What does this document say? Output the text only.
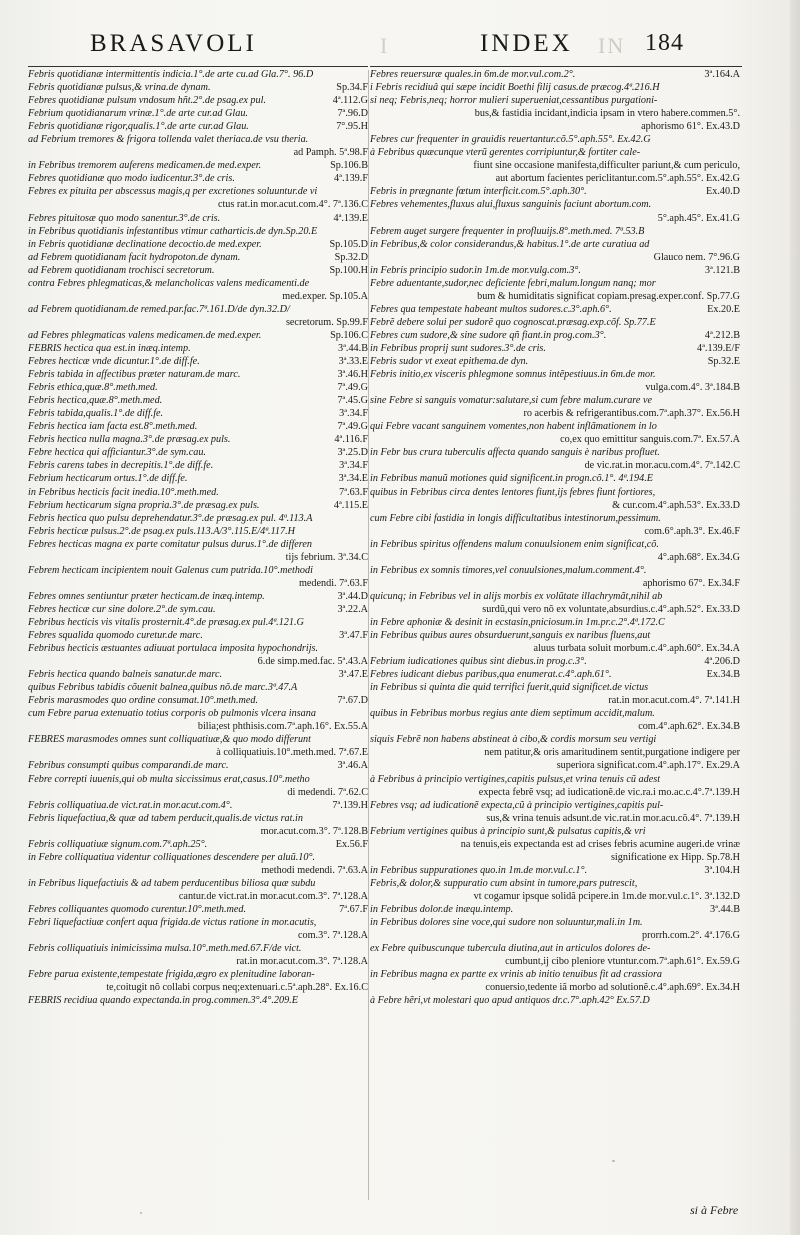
BRASAVOLI	I	INDEX IN 184
Febris quotidianæ intermittentis indicia.1°.de arte cu.ad Gla.7°. 96.D
Febris quotidianæ pulsus,& vrina.de dynam.	Sp.34.F
Febres quotidianæ pulsum vndosum hñt.2°.de psag.ex pul.	4ª.112.G
Febrium quotidianarum vrinæ.1°.de arte cur.ad Glau.	7ª.96.D
Febris quotidianæ rigor,qualis.1°.de arte cur.ad Glau.	7°.95.H
ad Febrium tremores & frigora tollenda valet theriaca.de vsu theria.
ad Pamph. 5ª.98.F
in Febribus tremorem auferens medicamen.de med.exper.	Sp.106.B
Febres quotidianæ quo modo iudicentur.3°.de cris.	4ª.139.F
Febres ex pituita per abscessus magis,q per excretiones soluuntur.de vi
ctus rat.in mor.acut.com.4°. 7ª.136.C
Febres pituitosæ quo modo sanentur.3°.de cris.	4ª.139.E
in Febribus quotidianis infestantibus vtimur catharticis.de dyn.Sp.20.E
in Febris quotidianæ declinatione decoctio.de med.exper.	Sp.105.D
ad Febrem quotidianam facit hydropoton.de dynam.	Sp.32.D
ad Febrem quotidianam trochisci secretorum.	Sp.100.H
contra Febres phlegmaticas,& melancholicas valens medicamenti.de
med.exper. Sp.105.A
ad Febrem quotidianam.de remed.par.fac.7ª.161.D/de dyn.32.D/
secretorum. Sp.99.F
ad Febres phlegmaticas valens medicamen.de med.exper.	Sp.106.C
FEBRIS hectica qua est.in inæq.intemp.	3ª.44.B
Febres hecticæ vnde dicuntur.1°.de diff.fe.	3ª.33.E
Febris tabida in affectibus præter naturam.de marc.	3ª.46.H
Febris ethica,quæ.8°.meth.med.	7ª.49.G
Febris hectica,quæ.8°.meth.med.	7ª.45.G
Febris tabida,qualis.1°.de diff.fe.	3ª.34.F
Febris hectica iam facta est.8°.meth.med.	7ª.49.G
Febris hectica nulla magna.3°.de præsag.ex puls.	4ª.116.F
Febre hectica qui afficiantur.3°.de sym.cau.	3ª.25.D
Febris carens tabes in decrepitis.1°.de diff.fe.	3ª.34.F
Febrium hecticarum ortus.1°.de diff.fe.	3ª.34.E
in Febribus hecticis facit inedia.10°.meth.med.	7ª.63.F
Febrium hecticarum signa propria.3°.de præsag.ex puls.	4ª.115.E
Febris hectica quo pulsu deprehendatur.3°.de præsag.ex pul. 4ª.113.A
Febris hecticæ pulsus.2°.de psag.ex puls.113.A/3°.115.E/4ª.117.H
Febres hecticas magna ex parte comitatur pulsus durus.1°.de differen
tijs febrium. 3ª.34.C
Febrem hecticam incipientem nouit Galenus cum putrida.10°.methodi
medendi. 7ª.63.F
Febres omnes sentiuntur præter hecticam.de inæq.intemp.	3ª.44.D
Febres hecticæ cur sine dolore.2°.de sym.cau.	3ª.22.A
Febribus hecticis vis vitalis prosternit.4°.de præsag.ex pul.4ª.121.G
Febres squalida quomodo curetur.de marc.	3ª.47.F
Febribus hecticis æstuantes adiuuat portulaca imposita hypochondrijs.
6.de simp.med.fac. 5ª.43.A
Febris hectica quando balneis sanatur.de marc.	3ª.47.E
quibus Febribus tabidis cõuenit balnea,quibus nõ.de marc.3ª.47.A
Febris marasmodes quo ordine consumat.10°.meth.med.	7ª.67.D
cum Febre parua extenuatio totius corporis ob pulmonis vlcera insana
bilia;est phthisis.com.7ª.aph.16°. Ex.55.A
FEBRES marasmodes omnes sunt colliquatiuæ,& quo modo differunt
à colliquatiuis.10°.meth.med. 7ª.67.E
Febribus consumpti quibus comparandi.de marc.	3ª.46.A
Febre correpti iuuenis,qui ob multa siccissimus erat,casus.10°.metho
di medendi. 7ª.62.C
Febris colliquatiua.de vict.rat.in mor.acut.com.4°.	7ª.139.H
Febris liquefactiua,& quæ ad tabem perducit,qualis.de victus rat.in
mor.acut.com.3°. 7ª.128.B
Febris colliquatiuæ signum.com.7ª.aph.25°.	Ex.56.F
in Febre colliquatiua videntur colliquationes descendere per aluũ.10°.
methodi medendi. 7ª.63.A
in Febribus liquefactiuis & ad tabem perducentibus biliosa quæ subdu
cantur.de vict.rat.in mor.acut.com.3°. 7ª.128.A
Febres colliquantes quomodo curentur.10°.meth.med.	7ª.67.F
Febri liquefactiuæ confert aqua frigida.de victus ratione in mor.acutis,
com.3°. 7ª.128.A
Febris colliquatiuis inimicissima mulsa.10°.meth.med.67.F/de vict.
rat.in mor.acut.com.3°. 7ª.128.A
Febre parua existente,tempestate frigida,ægro ex plenitudine laboran-
te,coitugit nõ collabi corpus neq;extenuari.c.5ª.aph.28°. Ex.16.C
FEBRIS recidiua quando expectanda.in prog.commen.3°.4°.209.E
Febres reuersuræ quales.in 6m.de mor.vul.com.2°.	3ª.164.A
i Febris recidiuâ qui sæpe incidit Boethi filij casus.de præcog.4ª.216.H
si neq; Febris,neq; horror mulieri superueniat,cessantibus purgationi-
bus,& fastidia incidant,indicia ipsam in vtero habere.commen.5°.
aphorismo 61°. Ex.43.D
Febres cur frequenter in grauidis reuertantur.cõ.5°.aph.55°. Ex.42.G
à Febribus quæcunque vterũ gerentes corripiuntur,& fortiter cale-
fiunt sine occasione manifesta,difficulter pariunt,& cum periculo,
aut abortum facientes periclitantur.com.5°.aph.55°. Ex.42.G
Febris in prægnante fœtum interficit.com.5°.aph.30°.	Ex.40.D
Febres vehementes,fluxus alui,fluxus sanguinis faciunt abortum.com.
5°.aph.45°. Ex.41.G
Febrem auget surgere frequenter in profluuijs.8°.meth.med. 7ª.53.B
in Febribus,& color considerandus,& habitus.1°.de arte curatiua ad
Glauco nem. 7°.96.G
in Febris principio sudor.in 1m.de mor.vulg.com.3°.	3ª.121.B
Febre aduentante,sudor,nec deficiente febri,malum.longum nanq; mor
bum & humiditatis significat copiam.presag.exper.conf. Sp.77.G
Febres qua tempestate habeant multos sudores.c.3°.aph.6°.	Ex.20.E
Febrẽ debere solui per sudorẽ quo cognoscat.præsag.exp.cõf. Sp.77.E
Febres cum sudore,& sine sudore qñ fiant.in prog.com.3°.	4ª.212.B
in Febribus proprij sunt sudores.3°.de cris.	4ª.139.E/F
Febris sudor vt exeat epithema.de dyn.	Sp.32.E
Febris initio,ex visceris phlegmone somnus intẽpestiuus.in 6m.de mor.
vulga.com.4°. 3ª.184.B
sine Febre si sanguis vomatur:salutare,si cum febre malum.curare ve
ro acerbis & refrigerantibus.com.7ª.aph.37°. Ex.56.H
qui Febre vacant sanguinem vomentes,non habent inflãmationem in lo
co,ex quo emittitur sanguis.com.7ª. Ex.57.A
in Febr bus crura tuberculis affecta quando sanguis è naribus profluet.
de vic.rat.in mor.acu.com.4°. 7ª.142.C
in Febribus manuũ motiones quid significent.in progn.cõ.1°. 4ª.194.E
quibus in Febribus circa dentes lentores fiunt,ijs febres fiunt fortiores,
& cur.com.4°.aph.53°. Ex.33.D
cum Febre cibi fastidia in longis difficultatibus intestinorum,pessimum.
com.6°.aph.3°. Ex.46.F
in Febribus spiritus offendens malum conuulsionem enim significat,cõ.
4°.aph.68°. Ex.34.G
in Febribus ex somnis timores,vel conuulsiones,malum.comment.4°.
aphorismo 67°. Ex.34.F
quicunq; in Febribus vel in alijs morbis ex volũtate illachrymãt,nihil ab
surdũ,qui vero nõ ex voluntate,absurdius.c.4°.aph.52°. Ex.33.D
in Febre aphoniæ & desinit in ecstasin,pniciosum.in 1m.pr.c.2°.4ª.172.C
in Febribus quibus aures obsurduerunt,sanguis ex naribus fluens,aut
aluus turbata soluit morbum.c.4°.aph.60°. Ex.34.A
Febrium iudicationes quibus sint diebus.in prog.c.3°.	4ª.206.D
Febres iudicant diebus paribus,qua enumerat.c.4°.aph.61°.	Ex.34.B
in Febribus si quinta die quid terrifici fuerit,quid significet.de victus
rat.in mor.acut.com.4°. 7ª.141.H
quibus in Febribus morbus regius ante diem septimum accidit,malum.
com.4°.aph.62°. Ex.34.B
siquis Febrẽ non habens abstineat à cibo,& cordis morsum seu vertigi
nem patitur,& oris amaritudinem sentit,purgatione indigere per
superiora significat.com.4°.aph.17°. Ex.29.A
à Febribus à principio vertigines,capitis pulsus,et vrina tenuis cũ adest
expecta febrẽ vsq; ad iudicationẽ.de vic.ra.i mo.ac.c.4°.7ª.139.H
Febres vsq; ad iudicationẽ expecta,cũ à principio vertigines,capitis pul-
sus,& vrina tenuis adsunt.de vic.rat.in mor.acu.cõ.4°. 7ª.139.H
Febrium vertigines quibus à principio sunt,& pulsatus capitis,& vri
na tenuis,eis expectanda est ad crises febris acumine augeri.de vrinæ
significatione ex Hipp. Sp.78.H
in Febribus suppurationes quo.in 1m.de mor.vul.c.1°.	3ª.104.H
Febris,& dolor,& suppuratio cum absint in tumore,pars putrescit,
vt cogamur ipsque solidã pcipere.in 1m.de mor.vul.c.1°. 3ª.132.D
in Febribus dolor.de inæqu.intemp.	3ª.44.B
in Febribus dolores sine voce,qui sudore non soluuntur,mali.in 1m.
prorrh.com.2°. 4ª.176.G
ex Febre quibuscunque tubercula diutina,aut in articulos dolores de-
cumbunt,ij cibo pleniore vtuntur.com.7ª.aph.61°. Ex.59.G
in Febribus magna ex partte ex vrinis ab initio tenuibus fit ad crassiora
conuersio,tedente iã morbo ad solutionẽ.c.4°.aph.69°. Ex.34.H
à Febre hẽri,vt molestari quo apud antiquos dr.c.7°.aph.42° Ex.57.D
si à Febre
